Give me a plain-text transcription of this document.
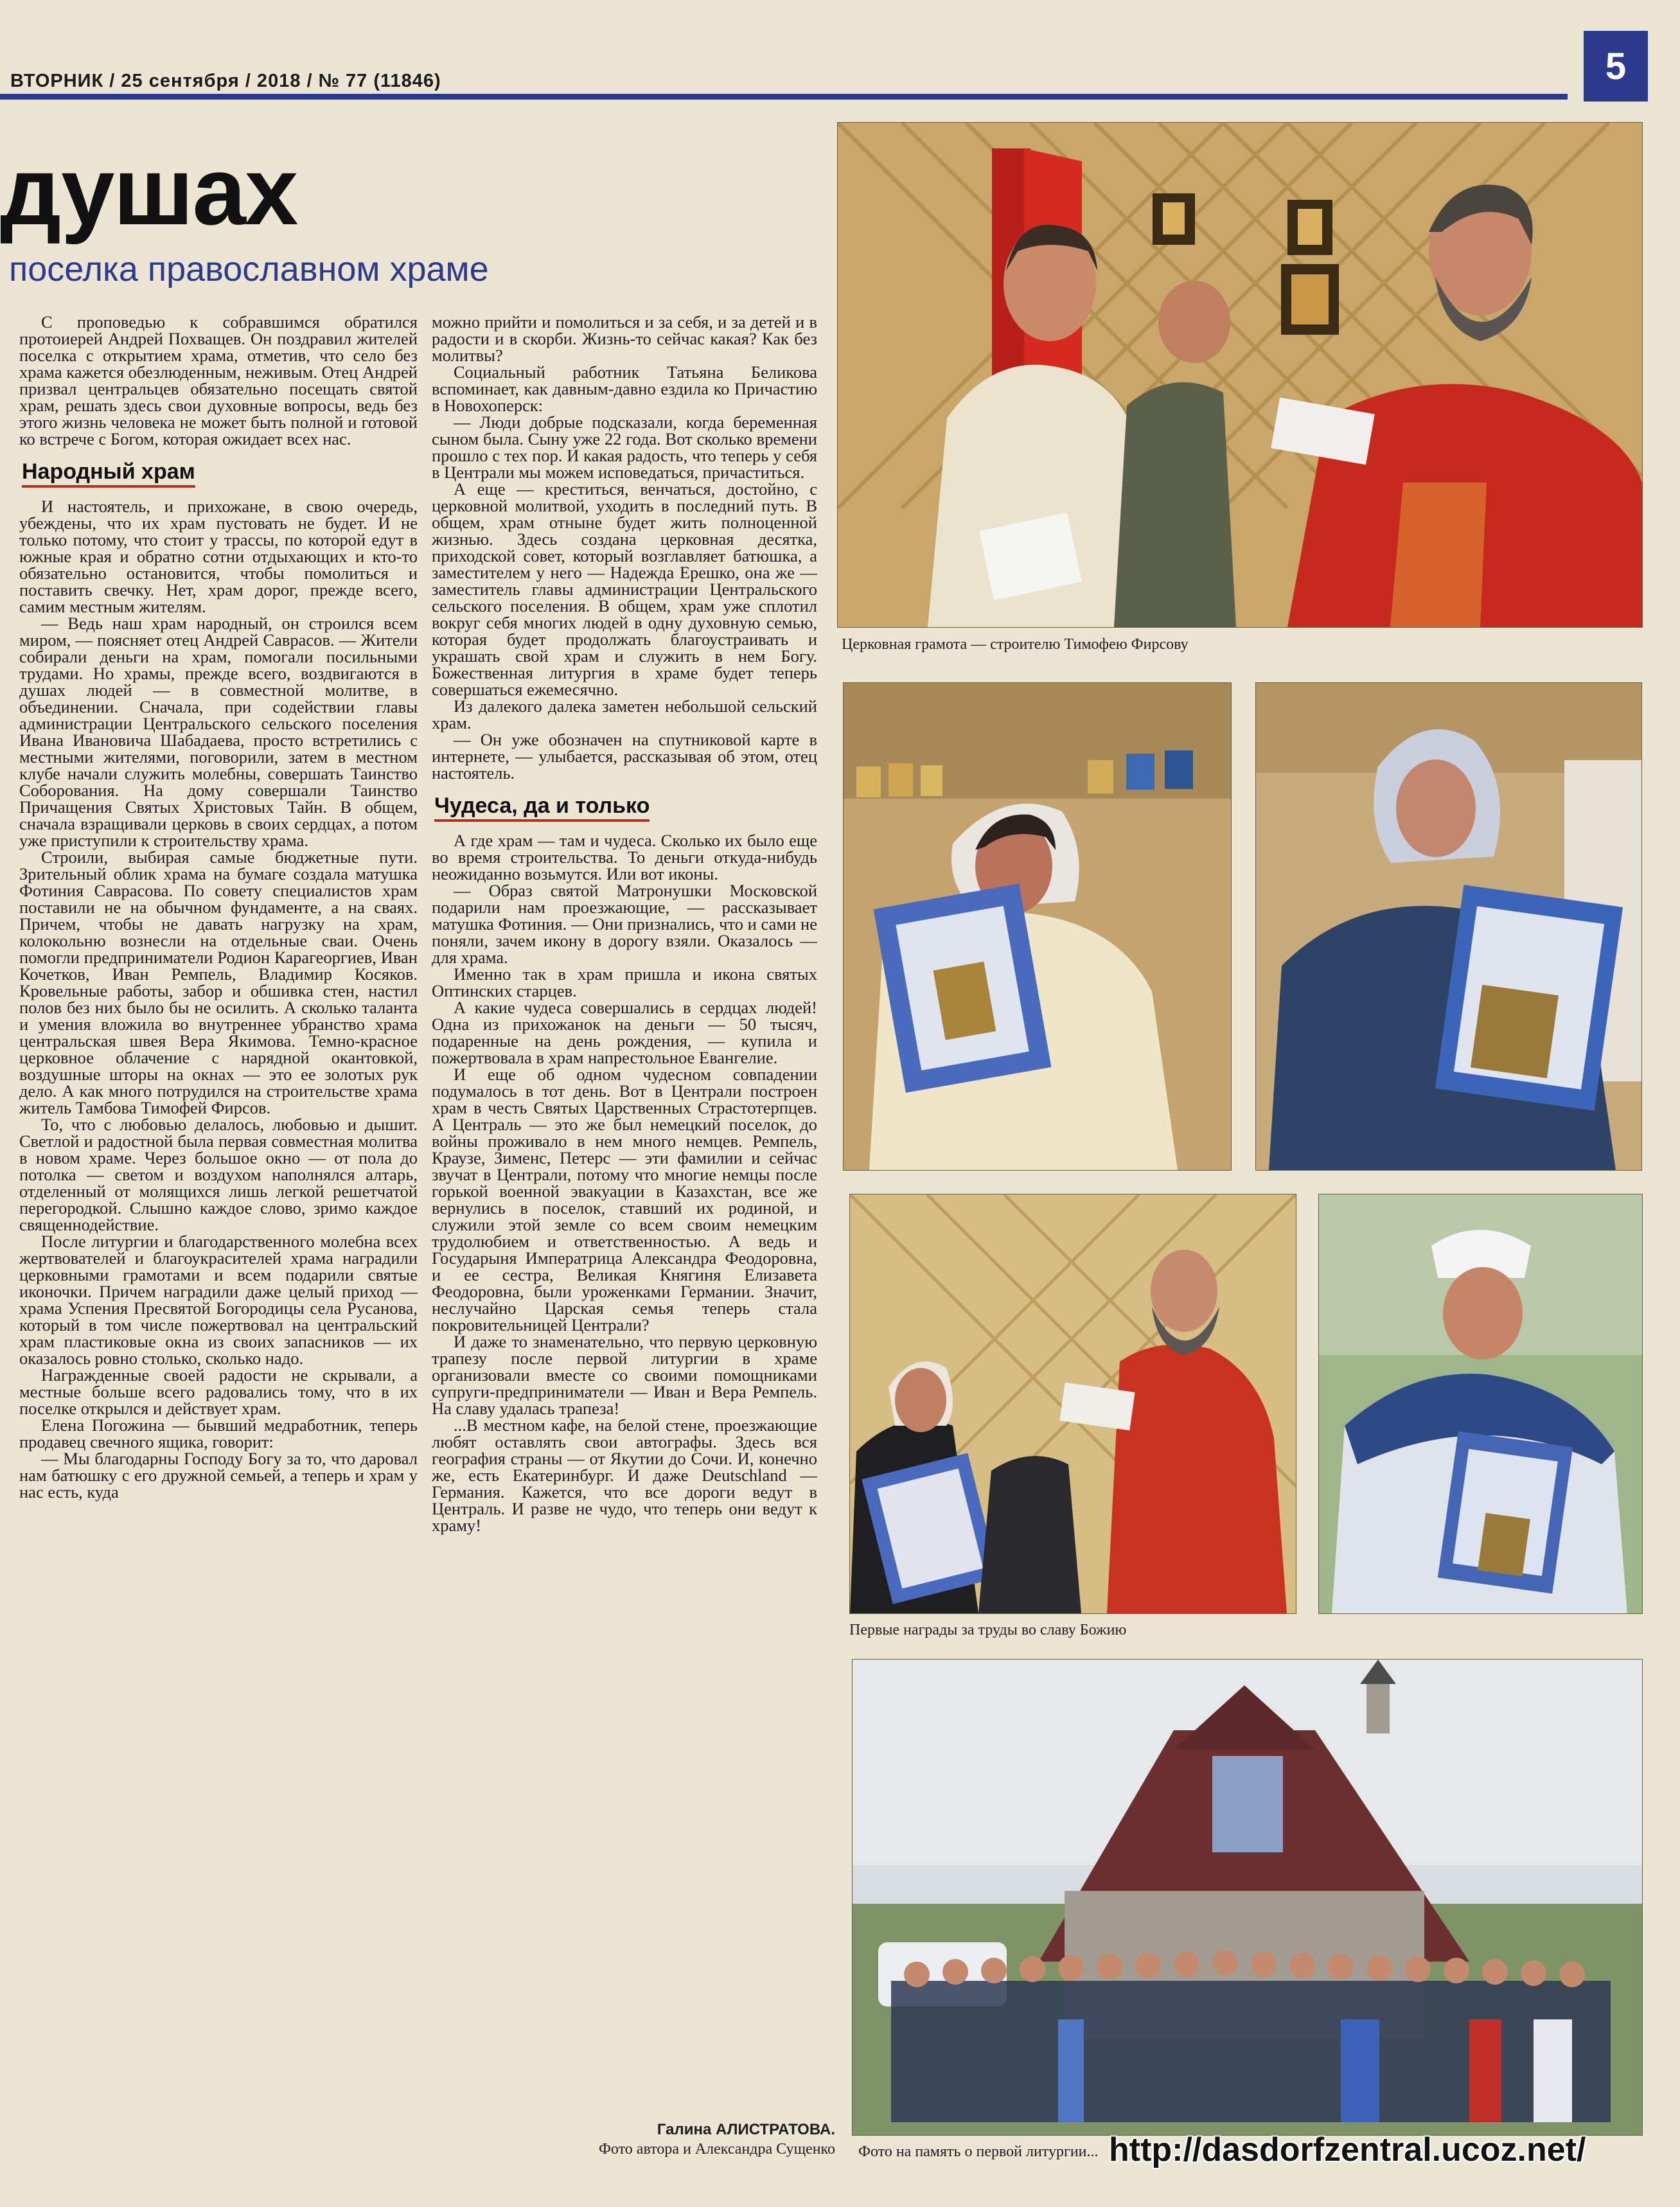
ВТОРНИК / 25 сентября / 2018 / № 77 (11846)	5
душах
поселка православном храме

С проповедью к собравшимся обратился протоиерей Андрей Похващев. Он поздравил жителей поселка с открытием храма, отметив, что село без храма кажется обезлюденным, неживым. Отец Андрей призвал центральцев обязательно посещать святой храм, решать здесь свои духовные вопросы, ведь без этого жизнь человека не может быть полной и готовой ко встрече с Богом, которая ожидает всех нас.

Народный храм

И настоятель, и прихожане, в свою очередь, убеждены, что их храм пустовать не будет. И не только потому, что стоит у трассы, по которой едут в южные края и обратно сотни отдыхающих и кто-то обязательно остановится, чтобы помолиться и поставить свечку. Нет, храм дорог, прежде всего, самим местным жителям.

— Ведь наш храм народный, он строился всем миром, — поясняет отец Андрей Саврасов. — Жители собирали деньги на храм, помогали посильными трудами. Но храмы, прежде всего, воздвигаются в душах людей — в совместной молитве, в объединении. Сначала, при содействии главы администрации Центральского сельского поселения Ивана Ивановича Шабадаева, просто встретились с местными жителями, поговорили, затем в местном клубе начали служить молебны, совершать Таинство Соборования. На дому совершали Таинство Причащения Святых Христовых Тайн. В общем, сначала взращивали церковь в своих сердцах, а потом уже приступили к строительству храма.

Строили, выбирая самые бюджетные пути. Зрительный облик храма на бумаге создала матушка Фотиния Саврасова. По совету специалистов храм поставили не на обычном фундаменте, а на сваях. Причем, чтобы не давать нагрузку на храм, колокольню вознесли на отдельные сваи. Очень помогли предприниматели Родион Карагеоргиев, Иван Кочетков, Иван Ремпель, Владимир Косяков. Кровельные работы, забор и обшивка стен, настил полов без них было бы не осилить. А сколько таланта и умения вложила во внутреннее убранство храма центральская швея Вера Якимова. Темно-красное церковное облачение с нарядной окантовкой, воздушные шторы на окнах — это ее золотых рук дело. А как много потрудился на строительстве храма житель Тамбова Тимофей Фирсов.

То, что с любовью делалось, любовью и дышит. Светлой и радостной была первая совместная молитва в новом храме. Через большое окно — от пола до потолка — светом и воздухом наполнялся алтарь, отделенный от молящихся лишь легкой решетчатой перегородкой. Слышно каждое слово, зримо каждое священнодействие.

После литургии и благодарственного молебна всех жертвователей и благоукрасителей храма наградили церковными грамотами и всем подарили святые иконочки. Причем наградили даже целый приход — храма Успения Пресвятой Богородицы села Русанова, который в том числе пожертвовал на центральский храм пластиковые окна из своих запасников — их оказалось ровно столько, сколько надо.

Награжденные своей радости не скрывали, а местные больше всего радовались тому, что в их поселке открылся и действует храм.

Елена Погожина — бывший медработник, теперь продавец свечного ящика, говорит:

— Мы благодарны Господу Богу за то, что даровал нам батюшку с его дружной семьей, а теперь и храм у нас есть, куда

можно прийти и помолиться и за себя, и за детей и в радости и в скорби. Жизнь-то сейчас какая? Как без молитвы?

Социальный работник Татьяна Беликова вспоминает, как давным-давно ездила ко Причастию в Новохоперск:

— Люди добрые подсказали, когда беременная сыном была. Сыну уже 22 года. Вот сколько времени прошло с тех пор. И какая радость, что теперь у себя в Централи мы можем исповедаться, причаститься.

А еще — креститься, венчаться, достойно, с церковной молитвой, уходить в последний путь. В общем, храм отныне будет жить полноценной жизнью. Здесь создана церковная десятка, приходской совет, который возглавляет батюшка, а заместителем у него — Надежда Ерешко, она же — заместитель главы администрации Центральского сельского поселения. В общем, храм уже сплотил вокруг себя многих людей в одну духовную семью, которая будет продолжать благоустраивать и украшать свой храм и служить в нем Богу. Божественная литургия в храме будет теперь совершаться ежемесячно.

Из далекого далека заметен небольшой сельский храм.

— Он уже обозначен на спутниковой карте в интернете, — улыбается, рассказывая об этом, отец настоятель.

Чудеса, да и только

А где храм — там и чудеса. Сколько их было еще во время строительства. То деньги откуда-нибудь неожиданно возьмутся. Или вот иконы.

— Образ святой Матронушки Московской подарили нам проезжающие, — рассказывает матушка Фотиния. — Они признались, что и сами не поняли, зачем икону в дорогу взяли. Оказалось — для храма.

Именно так в храм пришла и икона святых Оптинских старцев.

А какие чудеса совершались в сердцах людей! Одна из прихожанок на деньги — 50 тысяч, подаренные на день рождения, — купила и пожертвовала в храм напрестольное Евангелие.

И еще об одном чудесном совпадении подумалось в тот день. Вот в Централи построен храм в честь Святых Царственных Страстотерпцев. А Централь — это же был немецкий поселок, до войны проживало в нем много немцев. Ремпель, Краузе, Зименс, Петерс — эти фамилии и сейчас звучат в Централи, потому что многие немцы после горькой военной эвакуации в Казахстан, все же вернулись в поселок, ставший их родиной, и служили этой земле со всем своим немецким трудолюбием и ответственностью. А ведь и Государыня Императрица Александра Феодоровна, и ее сестра, Великая Княгиня Елизавета Феодоровна, были уроженками Германии. Значит, неслучайно Царская семья теперь стала покровительницей Централи?

И даже то знаменательно, что первую церковную трапезу после первой литургии в храме организовали вместе со своими помощниками супруги-предприниматели — Иван и Вера Ремпель. На славу удалась трапеза!

...В местном кафе, на белой стене, проезжающие любят оставлять свои автографы. Здесь вся география страны — от Якутии до Сочи. И, конечно же, есть Екатеринбург. И даже Deutschland — Германия. Кажется, что все дороги ведут в Централь. И разве не чудо, что теперь они ведут к храму!

Галина АЛИСТРАТОВА.
Фото автора и Александра Сущенко
Церковная грамота — строителю Тимофею Фирсову
Первые награды за труды во славу Божию
Фото на память о первой литургии... http://dasdorfzentral.ucoz.net/
